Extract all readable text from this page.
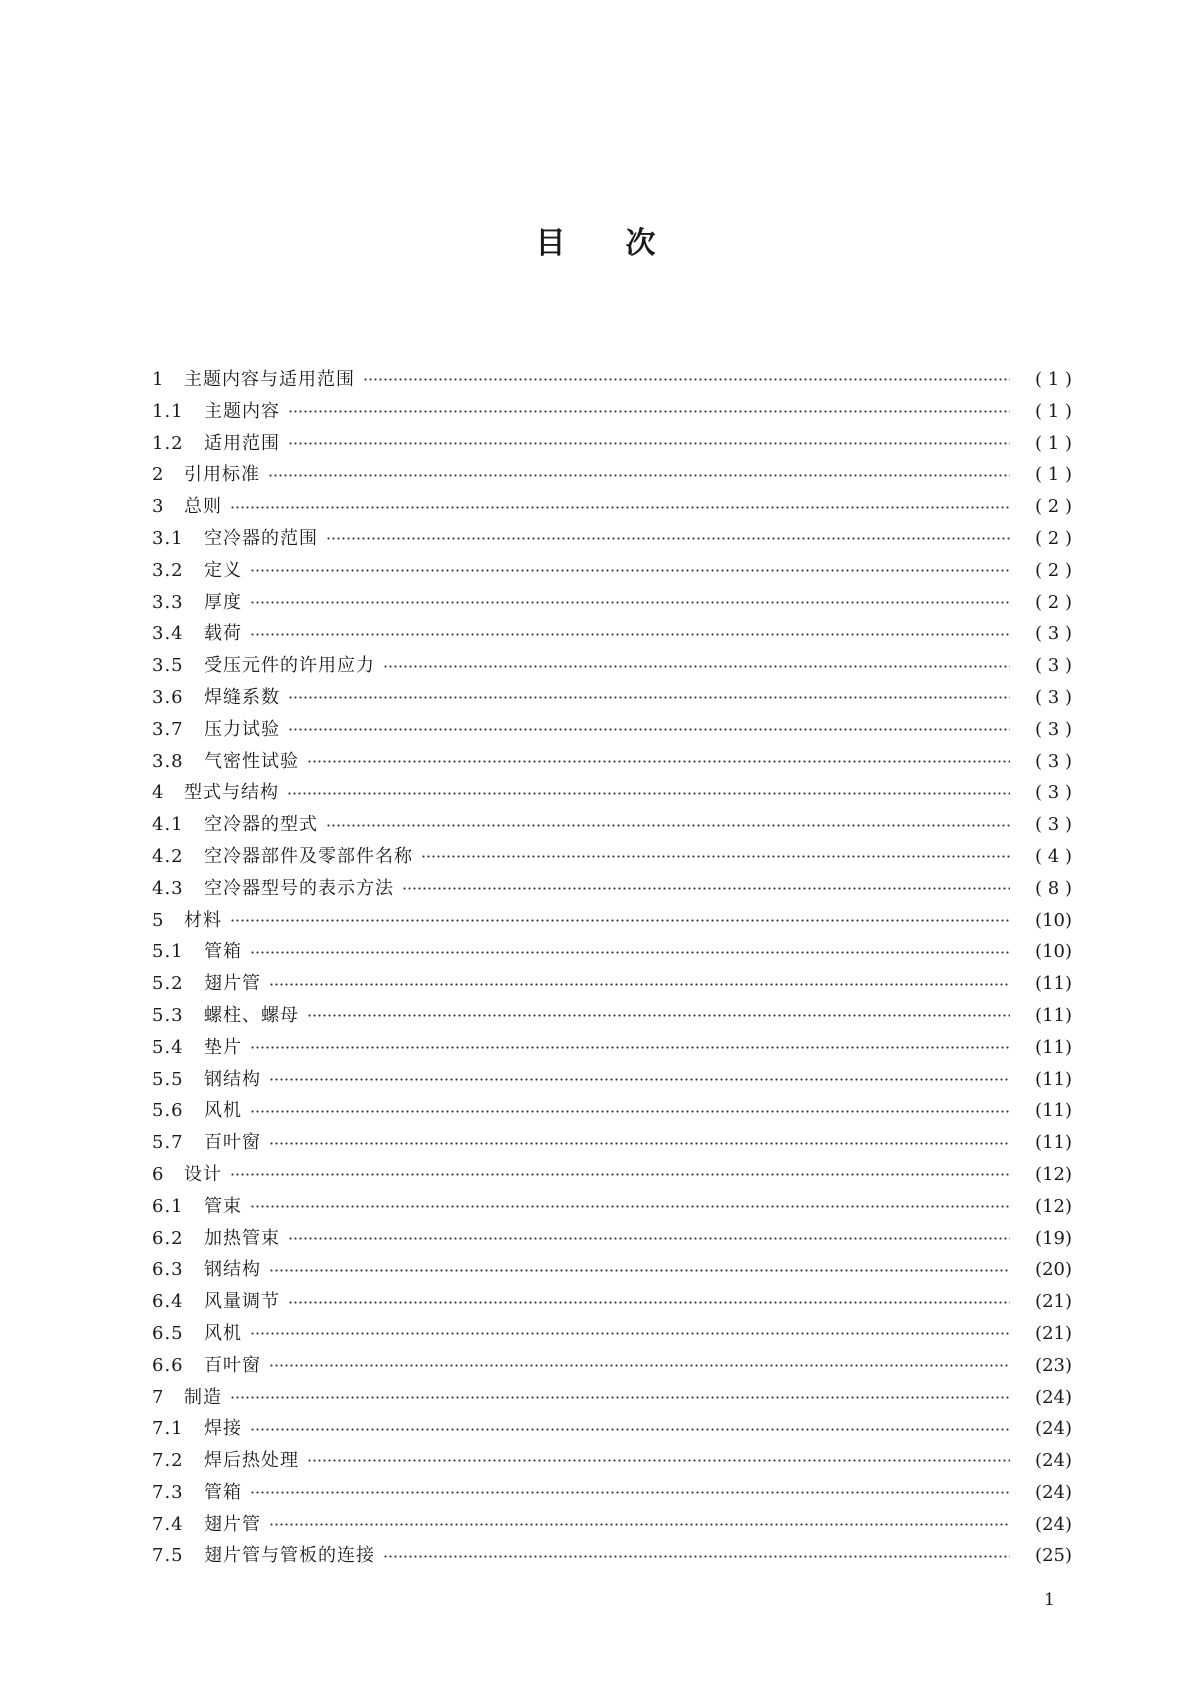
目次
1	主题内容与适用范围	( 1 )
1.1	主题内容	( 1 )
1.2	适用范围	( 1 )
2	引用标准	( 1 )
3	总则	( 2 )
3.1	空冷器的范围	( 2 )
3.2	定义	( 2 )
3.3	厚度	( 2 )
3.4	载荷	( 3 )
3.5	受压元件的许用应力	( 3 )
3.6	焊缝系数	( 3 )
3.7	压力试验	( 3 )
3.8	气密性试验	( 3 )
4	型式与结构	( 3 )
4.1	空冷器的型式	( 3 )
4.2	空冷器部件及零部件名称	( 4 )
4.3	空冷器型号的表示方法	( 8 )
5	材料	(10)
5.1	管箱	(10)
5.2	翅片管	(11)
5.3	螺柱、螺母	(11)
5.4	垫片	(11)
5.5	钢结构	(11)
5.6	风机	(11)
5.7	百叶窗	(11)
6	设计	(12)
6.1	管束	(12)
6.2	加热管束	(19)
6.3	钢结构	(20)
6.4	风量调节	(21)
6.5	风机	(21)
6.6	百叶窗	(23)
7	制造	(24)
7.1	焊接	(24)
7.2	焊后热处理	(24)
7.3	管箱	(24)
7.4	翅片管	(24)
7.5	翅片管与管板的连接	(25)
1
